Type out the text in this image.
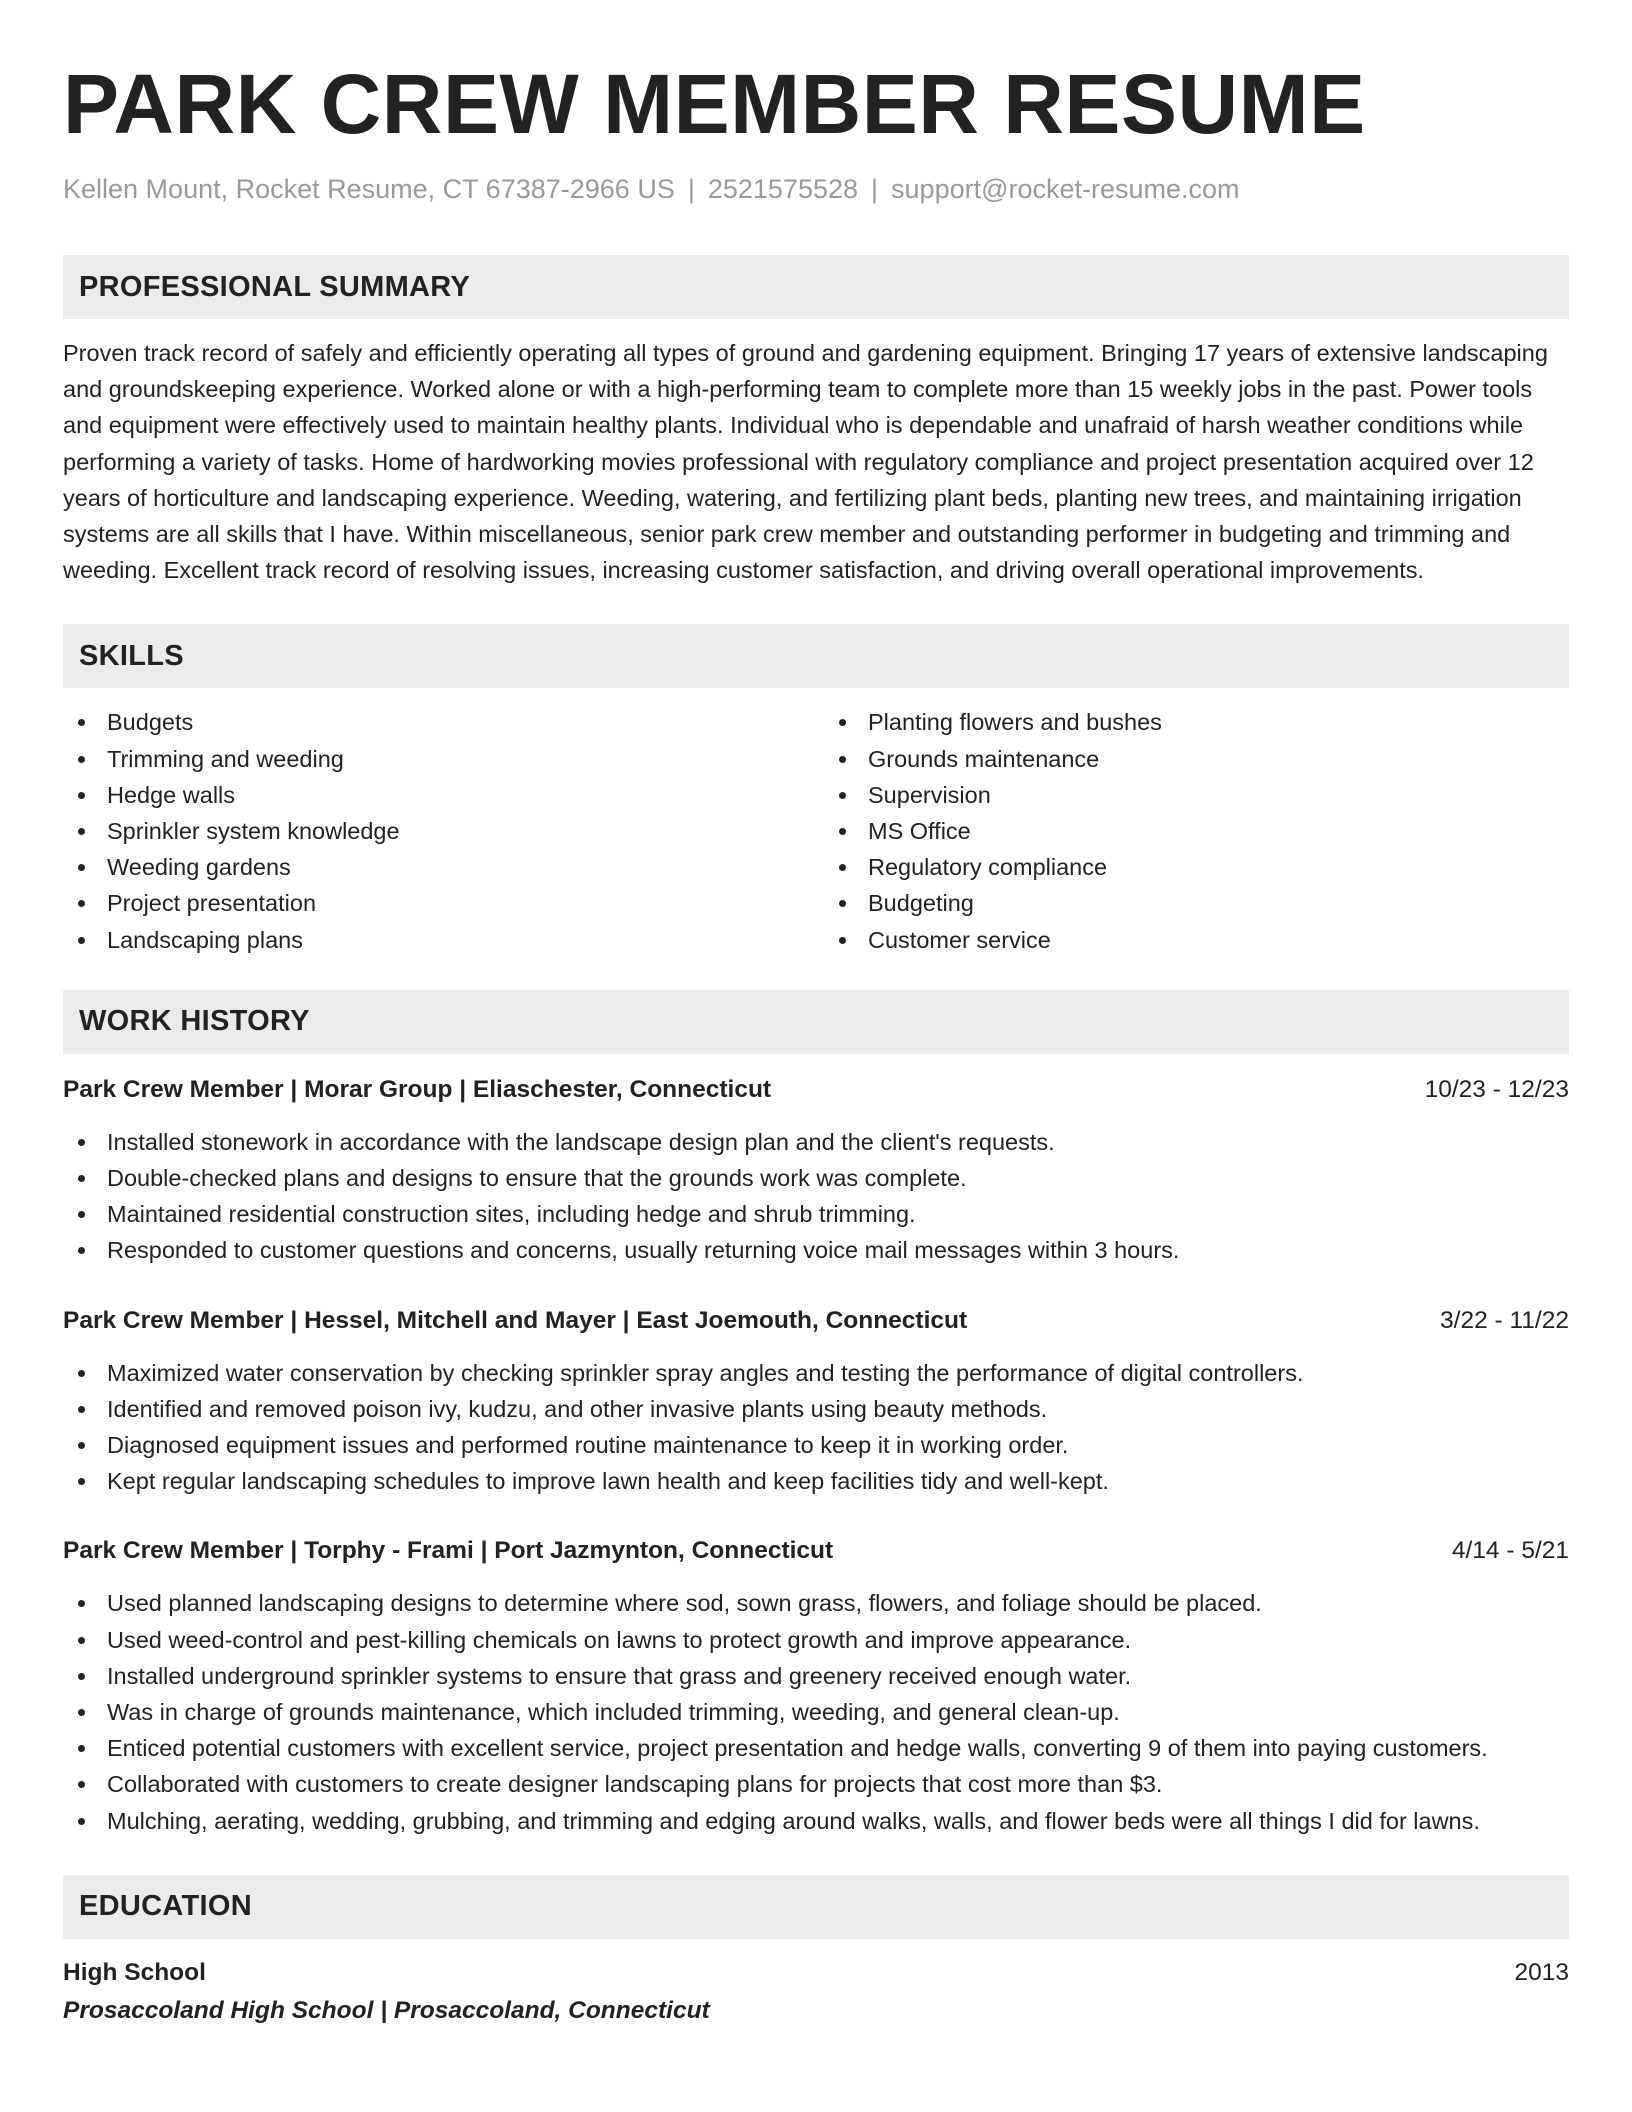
PARK CREW MEMBER RESUME
Kellen Mount, Rocket Resume, CT 67387-2966 US | 2521575528 | support@rocket-resume.com
PROFESSIONAL SUMMARY
Proven track record of safely and efficiently operating all types of ground and gardening equipment. Bringing 17 years of extensive landscaping and groundskeeping experience. Worked alone or with a high-performing team to complete more than 15 weekly jobs in the past. Power tools and equipment were effectively used to maintain healthy plants. Individual who is dependable and unafraid of harsh weather conditions while performing a variety of tasks. Home of hardworking movies professional with regulatory compliance and project presentation acquired over 12 years of horticulture and landscaping experience. Weeding, watering, and fertilizing plant beds, planting new trees, and maintaining irrigation systems are all skills that I have. Within miscellaneous, senior park crew member and outstanding performer in budgeting and trimming and weeding. Excellent track record of resolving issues, increasing customer satisfaction, and driving overall operational improvements.
SKILLS
Budgets
Trimming and weeding
Hedge walls
Sprinkler system knowledge
Weeding gardens
Project presentation
Landscaping plans
Planting flowers and bushes
Grounds maintenance
Supervision
MS Office
Regulatory compliance
Budgeting
Customer service
WORK HISTORY
Park Crew Member | Morar Group | Eliaschester, Connecticut	10/23 - 12/23
Installed stonework in accordance with the landscape design plan and the client's requests.
Double-checked plans and designs to ensure that the grounds work was complete.
Maintained residential construction sites, including hedge and shrub trimming.
Responded to customer questions and concerns, usually returning voice mail messages within 3 hours.
Park Crew Member | Hessel, Mitchell and Mayer | East Joemouth, Connecticut	3/22 - 11/22
Maximized water conservation by checking sprinkler spray angles and testing the performance of digital controllers.
Identified and removed poison ivy, kudzu, and other invasive plants using beauty methods.
Diagnosed equipment issues and performed routine maintenance to keep it in working order.
Kept regular landscaping schedules to improve lawn health and keep facilities tidy and well-kept.
Park Crew Member | Torphy - Frami | Port Jazmynton, Connecticut	4/14 - 5/21
Used planned landscaping designs to determine where sod, sown grass, flowers, and foliage should be placed.
Used weed-control and pest-killing chemicals on lawns to protect growth and improve appearance.
Installed underground sprinkler systems to ensure that grass and greenery received enough water.
Was in charge of grounds maintenance, which included trimming, weeding, and general clean-up.
Enticed potential customers with excellent service, project presentation and hedge walls, converting 9 of them into paying customers.
Collaborated with customers to create designer landscaping plans for projects that cost more than $3.
Mulching, aerating, wedding, grubbing, and trimming and edging around walks, walls, and flower beds were all things I did for lawns.
EDUCATION
High School	2013
Prosaccoland High School | Prosaccoland, Connecticut
